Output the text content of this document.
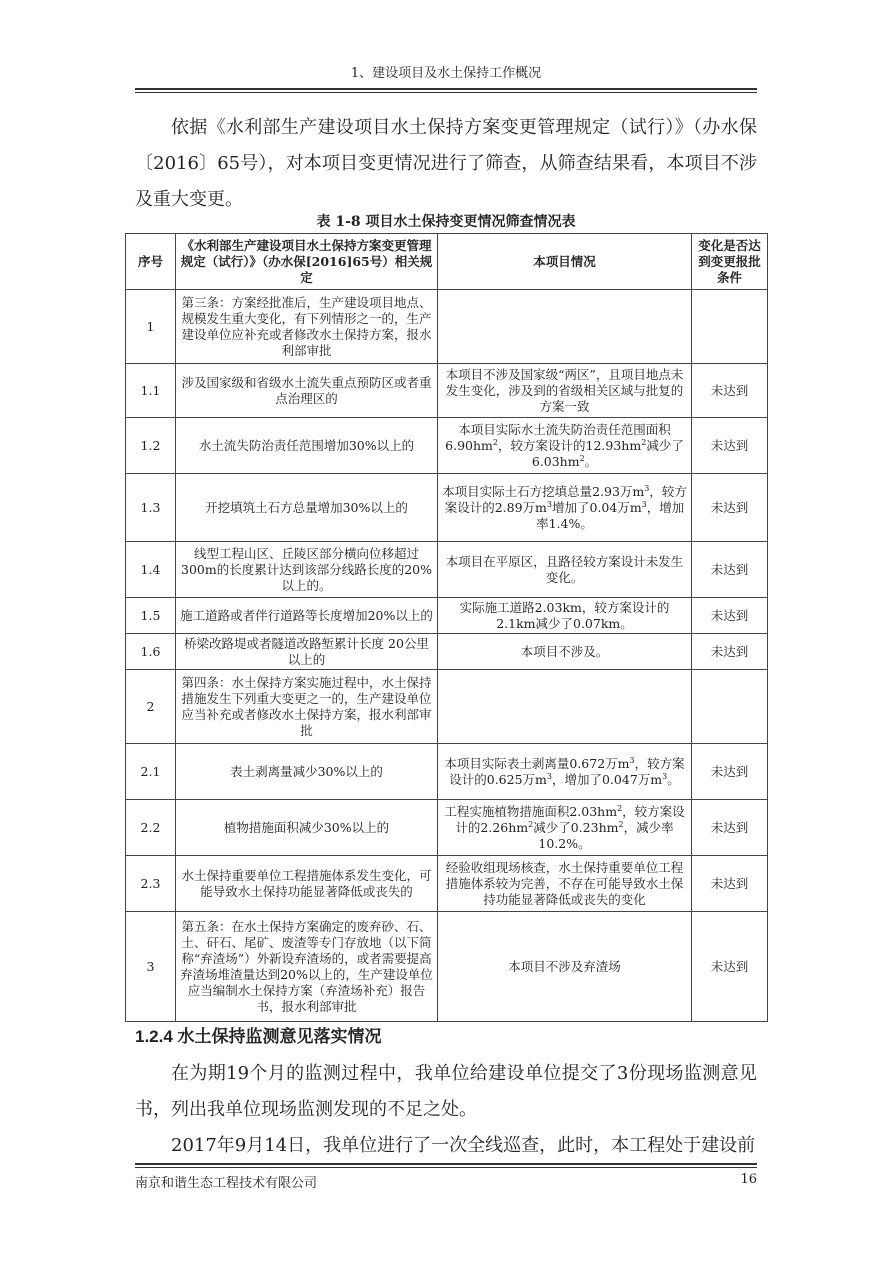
1、建设项目及水土保持工作概况
依据《水利部生产建设项目水土保持方案变更管理规定（试行）》（办水保〔2016〕65号），对本项目变更情况进行了筛查，从筛查结果看，本项目不涉及重大变更。
表 1-8 项目水土保持变更情况筛查情况表
序号	《水利部生产建设项目水土保持方案变更管理规定（试行）》（办水保[2016]65号）相关规定	本项目情况	变化是否达到变更报批条件
1	第三条：方案经批准后，生产建设项目地点、规模发生重大变化，有下列情形之一的，生产建设单位应补充或者修改水土保持方案，报水利部审批		
1.1	涉及国家级和省级水土流失重点预防区或者重点治理区的	本项目不涉及国家级“两区”，且项目地点未发生变化，涉及到的省级相关区域与批复的方案一致	未达到
1.2	水土流失防治责任范围增加30%以上的	本项目实际水土流失防治责任范围面积$6.90hm^2$，较方案设计的$12.93hm^2$减少了$6.03hm^2$。	未达到
1.3	开挖填筑土石方总量增加30%以上的	本项目实际土石方挖填总量2.93万$m^3$，较方案设计的2.89万$m^3$增加了0.04万$m^3$，增加率1.4%。	未达到
1.4	线型工程山区、丘陵区部分横向位移超过300m的长度累计达到该部分线路长度的20%以上的。	本项目在平原区，且路径较方案设计未发生变化。	未达到
1.5	施工道路或者伴行道路等长度增加20%以上的	实际施工道路2.03km，较方案设计的2.1km减少了0.07km。	未达到
1.6	桥梁改路堤或者隧道改路堑累计长度 20公里以上的	本项目不涉及。	未达到
2	第四条：水土保持方案实施过程中，水土保持措施发生下列重大变更之一的，生产建设单位应当补充或者修改水土保持方案，报水利部审批		
2.1	表土剥离量减少30%以上的	本项目实际表土剥离量0.672万$m^3$，较方案设计的0.625万$m^3$，增加了0.047万$m^3$。	未达到
2.2	植物措施面积减少30%以上的	工程实施植物措施面积$2.03hm^2$，较方案设计的$2.26hm^2$减少了$0.23hm^2$，减少率10.2%。	未达到
2.3	水土保持重要单位工程措施体系发生变化，可能导致水土保持功能显著降低或丧失的	经验收组现场核查，水土保持重要单位工程措施体系较为完善，不存在可能导致水土保持功能显著降低或丧失的变化	未达到
3	第五条：在水土保持方案确定的废弃砂、石、土、矸石、尾矿、废渣等专门存放地（以下简称“弃渣场”）外新设弃渣场的，或者需要提高弃渣场堆渣量达到20%以上的，生产建设单位应当编制水土保持方案（弃渣场补充）报告书，报水利部审批	本项目不涉及弃渣场	未达到
1.2.4 水土保持监测意见落实情况
在为期19个月的监测过程中，我单位给建设单位提交了3份现场监测意见书，列出我单位现场监测发现的不足之处。
2017年9月14日，我单位进行了一次全线巡查，此时，本工程处于建设前
南京和谐生态工程技术有限公司	16
